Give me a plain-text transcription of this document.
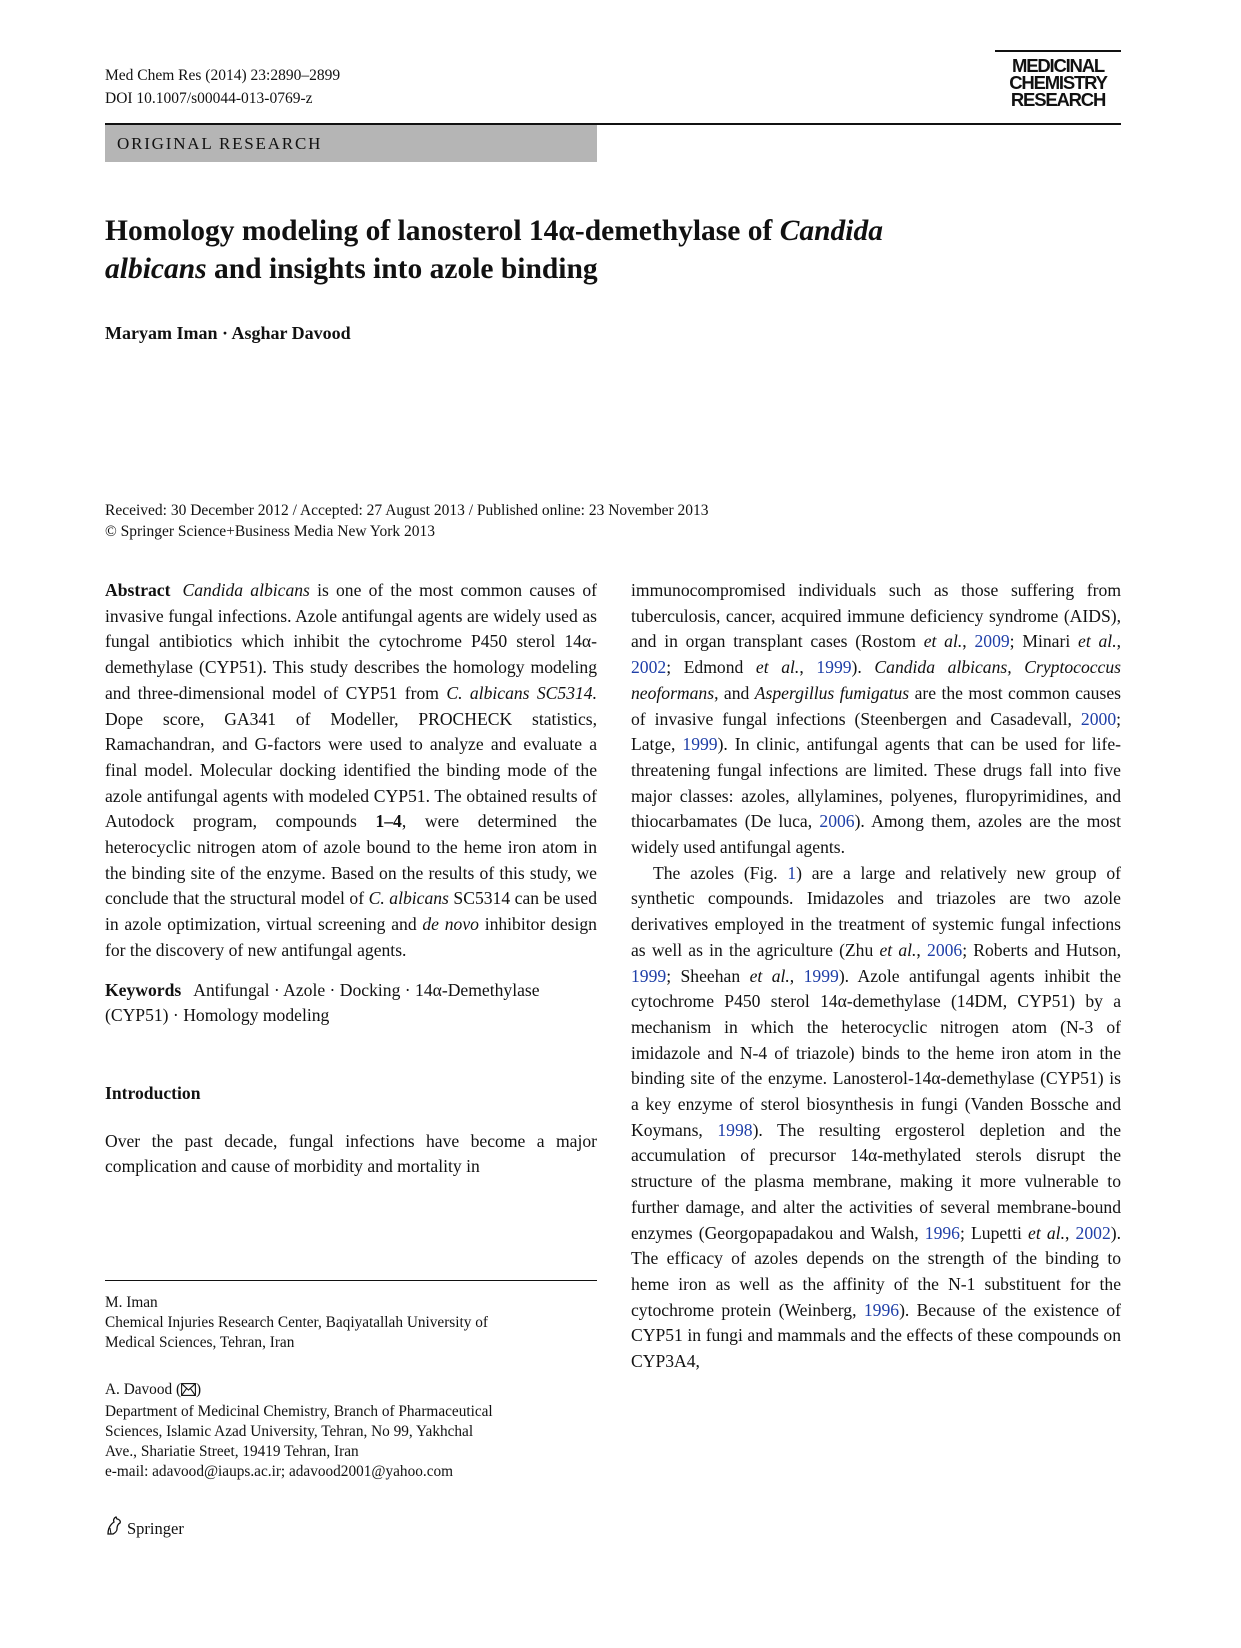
Med Chem Res (2014) 23:2890–2899
DOI 10.1007/s00044-013-0769-z
MEDICINAL
CHEMISTRY
RESEARCH
ORIGINAL RESEARCH
Homology modeling of lanosterol 14α-demethylase of Candida
albicans and insights into azole binding
Maryam Iman · Asghar Davood
Received: 30 December 2012 / Accepted: 27 August 2013 / Published online: 23 November 2013
© Springer Science+Business Media New York 2013

Abstract Candida albicans is one of the most common causes of invasive fungal infections. Azole antifungal agents are widely used as fungal antibiotics which inhibit the cytochrome P450 sterol 14α-demethylase (CYP51). This study describes the homology modeling and three-dimensional model of CYP51 from C. albicans SC5314. Dope score, GA341 of Modeller, PROCHECK statistics, Ramachandran, and G-factors were used to analyze and evaluate a final model. Molecular docking identified the binding mode of the azole antifungal agents with modeled CYP51. The obtained results of Autodock program, compounds 1–4, were determined the heterocyclic nitrogen atom of azole bound to the heme iron atom in the binding site of the enzyme. Based on the results of this study, we conclude that the structural model of C. albicans SC5314 can be used in azole optimization, virtual screening and de novo inhibitor design for the discovery of new antifungal agents.

Keywords Antifungal · Azole · Docking · 14α-Demethylase (CYP51) · Homology modeling

Introduction

Over the past decade, fungal infections have become a major complication and cause of morbidity and mortality in

immunocompromised individuals such as those suffering from tuberculosis, cancer, acquired immune deficiency syndrome (AIDS), and in organ transplant cases (Rostom et al., 2009; Minari et al., 2002; Edmond et al., 1999). Candida albicans, Cryptococcus neoformans, and Aspergillus fumigatus are the most common causes of invasive fungal infections (Steenbergen and Casadevall, 2000; Latge, 1999). In clinic, antifungal agents that can be used for life-threatening fungal infections are limited. These drugs fall into five major classes: azoles, allylamines, polyenes, fluropyrimidines, and thiocarbamates (De luca, 2006). Among them, azoles are the most widely used antifungal agents.

The azoles (Fig. 1) are a large and relatively new group of synthetic compounds. Imidazoles and triazoles are two azole derivatives employed in the treatment of systemic fungal infections as well as in the agriculture (Zhu et al., 2006; Roberts and Hutson, 1999; Sheehan et al., 1999). Azole antifungal agents inhibit the cytochrome P450 sterol 14α-demethylase (14DM, CYP51) by a mechanism in which the heterocyclic nitrogen atom (N-3 of imidazole and N-4 of triazole) binds to the heme iron atom in the binding site of the enzyme. Lanosterol-14α-demethylase (CYP51) is a key enzyme of sterol biosynthesis in fungi (Vanden Bossche and Koymans, 1998). The resulting ergosterol depletion and the accumulation of precursor 14α-methylated sterols disrupt the structure of the plasma membrane, making it more vulnerable to further damage, and alter the activities of several membrane-bound enzymes (Georgopapadakou and Walsh, 1996; Lupetti et al., 2002). The efficacy of azoles depends on the strength of the binding to heme iron as well as the affinity of the N-1 substituent for the cytochrome protein (Weinberg, 1996). Because of the existence of CYP51 in fungi and mammals and the effects of these compounds on CYP3A4,

M. Iman
Chemical Injuries Research Center, Baqiyatallah University of
Medical Sciences, Tehran, Iran
A. Davood ( )
Department of Medicinal Chemistry, Branch of Pharmaceutical
Sciences, Islamic Azad University, Tehran, No 99, Yakhchal
Ave., Shariatie Street, 19419 Tehran, Iran
e-mail: adavood@iaups.ac.ir; adavood2001@yahoo.com
Springer
